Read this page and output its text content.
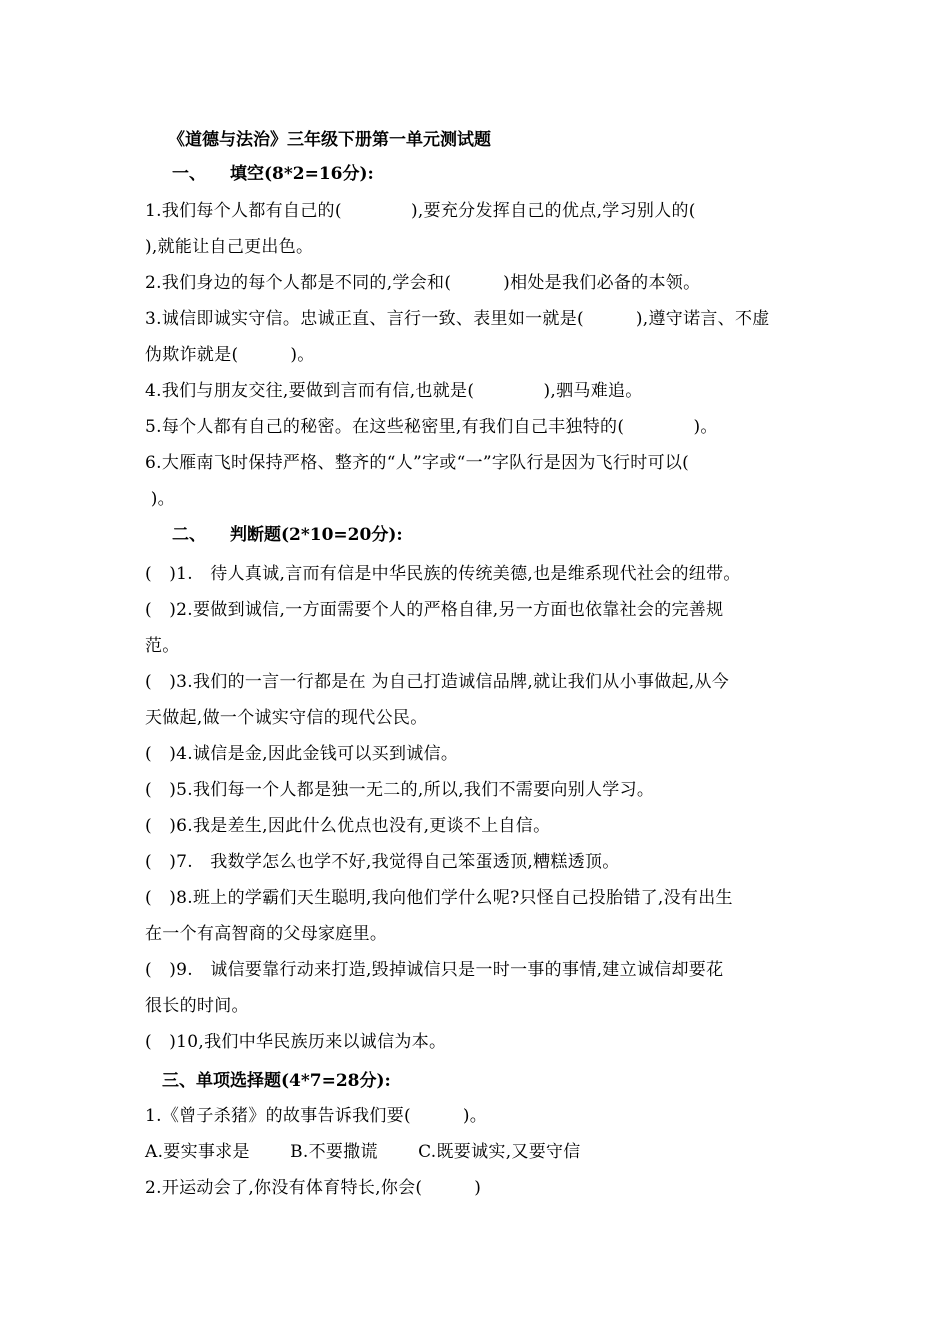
《道德与法治》三年级下册第一单元测试题
一、 填空(8*2=16分):
1.我们每个人都有自己的(　　　　),要充分发挥自己的优点,学习别人的(
),就能让自己更出色。
2.我们身边的每个人都是不同的,学会和(　　　)相处是我们必备的本领。
3.诚信即诚实守信。忠诚正直、言行一致、表里如一就是(　　　),遵守诺言、不虚
伪欺诈就是(　　　)。
4.我们与朋友交往,要做到言而有信,也就是(　　　　),驷马难追。
5.每个人都有自己的秘密。在这些秘密里,有我们自己丰独特的(　　　　)。
6.大雁南飞时保持严格、整齐的“人”字或“一”字队行是因为飞行时可以(
)。
二、 判断题(2*10=20分):
(　)1.　待人真诚,言而有信是中华民族的传统美德,也是维系现代社会的纽带。
(　)2.要做到诚信,一方面需要个人的严格自律,另一方面也依靠社会的完善规
范。
(　)3.我们的一言一行都是在 为自己打造诚信品牌,就让我们从小事做起,从今
天做起,做一个诚实守信的现代公民。
(　)4.诚信是金,因此金钱可以买到诚信。
(　)5.我们每一个人都是独一无二的,所以,我们不需要向别人学习。
(　)6.我是差生,因此什么优点也没有,更谈不上自信。
(　)7.　我数学怎么也学不好,我觉得自己笨蛋透顶,糟糕透顶。
(　)8.班上的学霸们天生聪明,我向他们学什么呢?只怪自己投胎错了,没有出生
在一个有高智商的父母家庭里。
(　)9.　诚信要靠行动来打造,毁掉诚信只是一时一事的事情,建立诚信却要花
很长的时间。
(　)10,我们中华民族历来以诚信为本。
三、单项选择题(4*7=28分):
1.《曾子杀猪》的故事告诉我们要(　　　)。
A.要实事求是　　 B.不要撒谎　　 C.既要诚实,又要守信
2.开运动会了,你没有体育特长,你会(　　　)
